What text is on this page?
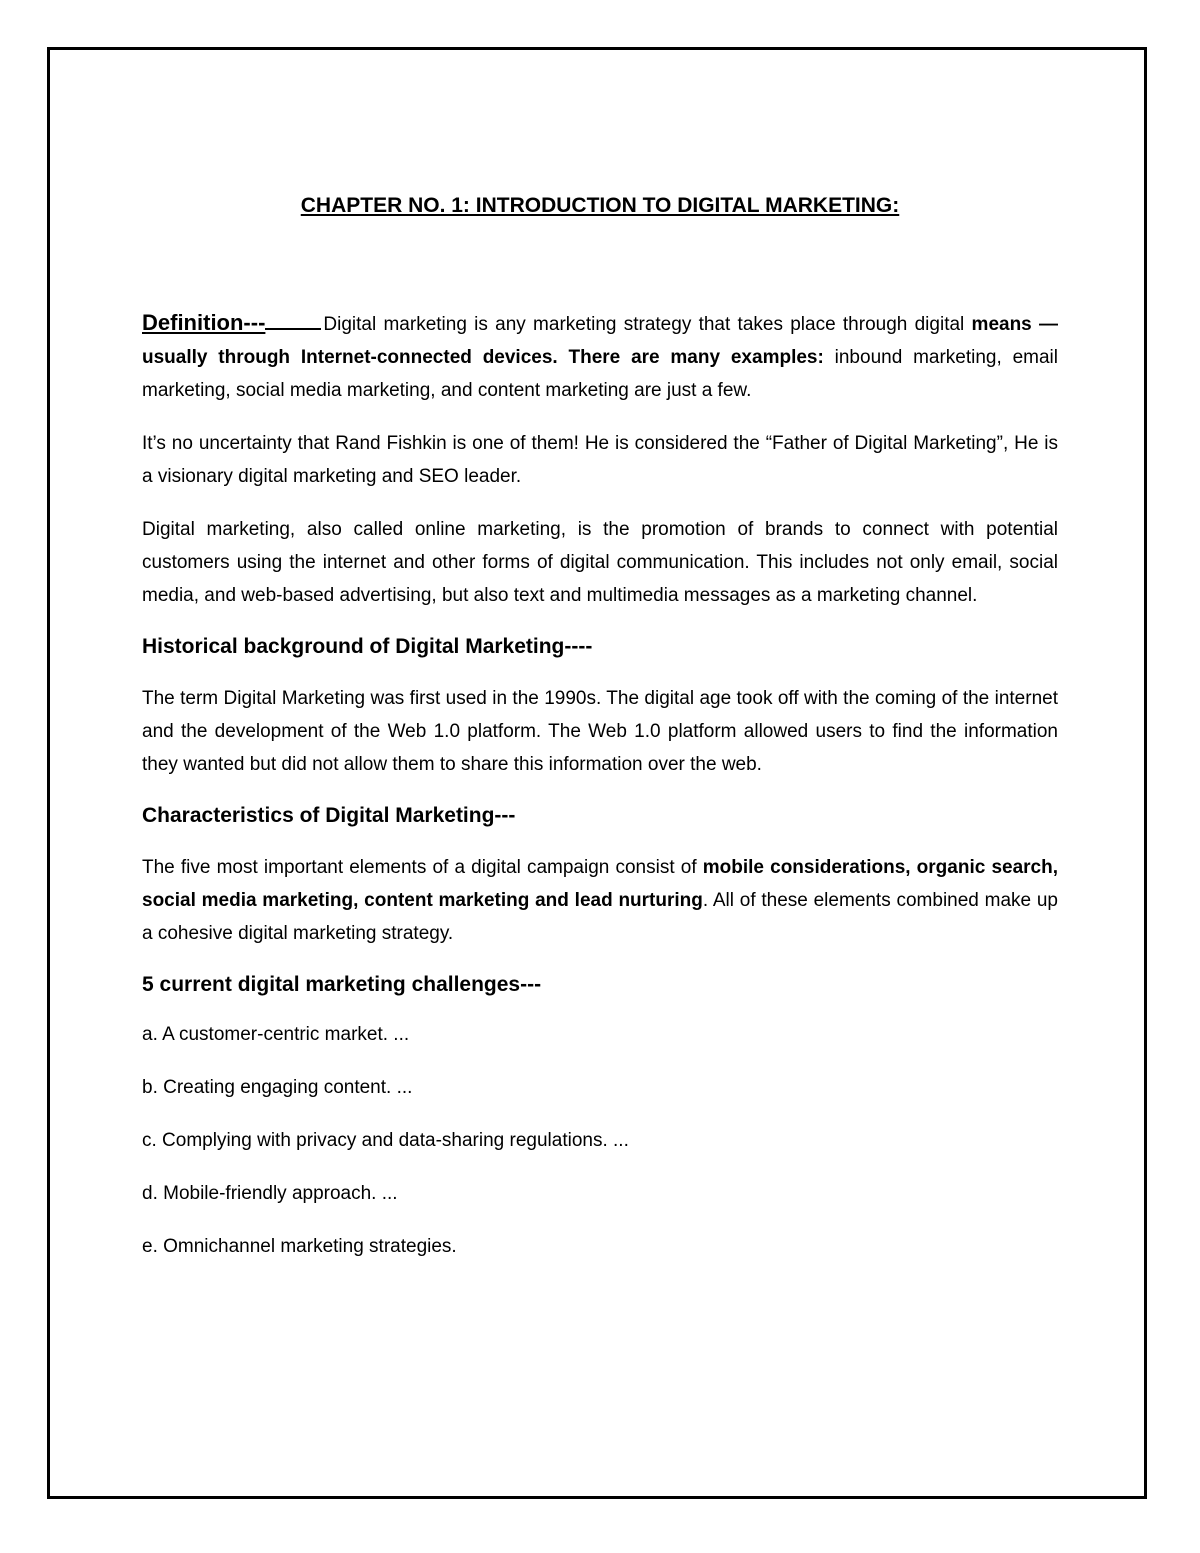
CHAPTER NO. 1: INTRODUCTION TO DIGITAL MARKETING:

Definition---	Digital marketing is any marketing strategy that takes place through digital means — usually through Internet-connected devices. There are many examples: inbound marketing, email marketing, social media marketing, and content marketing are just a few.

It’s no uncertainty that Rand Fishkin is one of them! He is considered the “Father of Digital Marketing”, He is a visionary digital marketing and SEO leader.

Digital marketing, also called online marketing, is the promotion of brands to connect with potential customers using the internet and other forms of digital communication. This includes not only email, social media, and web-based advertising, but also text and multimedia messages as a marketing channel.

Historical background of Digital Marketing----

The term Digital Marketing was first used in the 1990s. The digital age took off with the coming of the internet and the development of the Web 1.0 platform. The Web 1.0 platform allowed users to find the information they wanted but did not allow them to share this information over the web.

Characteristics of Digital Marketing---

The five most important elements of a digital campaign consist of mobile considerations, organic search, social media marketing, content marketing and lead nurturing. All of these elements combined make up a cohesive digital marketing strategy.

5 current digital marketing challenges---
a. A customer-centric market. ...
b. Creating engaging content. ...
c. Complying with privacy and data-sharing regulations. ...
d. Mobile-friendly approach. ...
e. Omnichannel marketing strategies.
